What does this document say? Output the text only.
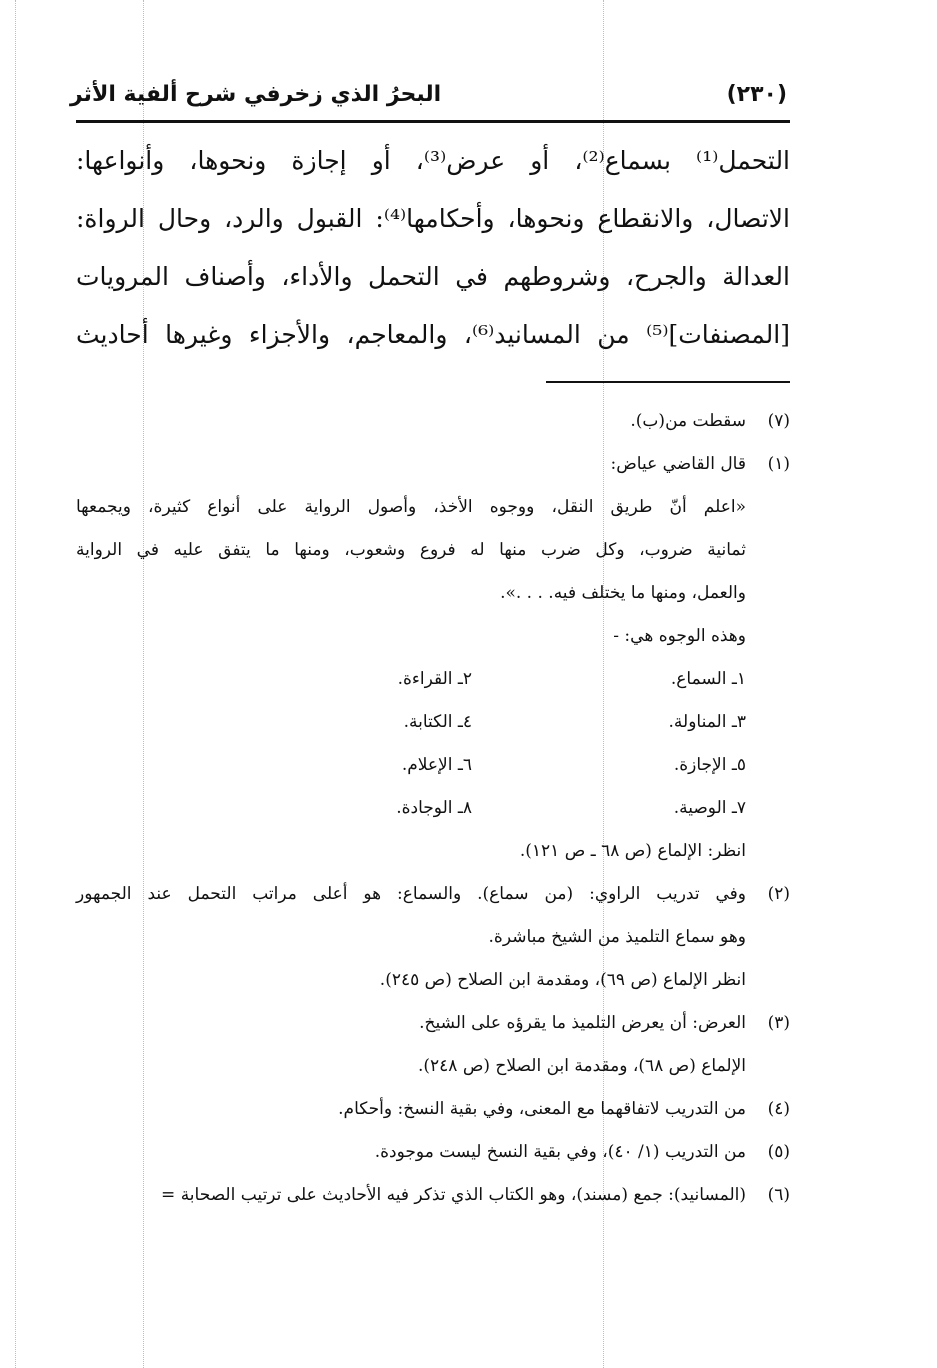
(٢٣٠)
البحرُ الذي زخرفي شرح ألفية الأثر

التحمل⁽¹⁾ بسماع⁽²⁾، أو عرض⁽³⁾، أو إجازة ونحوها، وأنواعها:

الاتصال، والانقطاع ونحوها، وأحكامها⁽⁴⁾: القبول والرد، وحال الرواة:

العدالة والجرح، وشروطهم في التحمل والأداء، وأصناف المرويات

[المصنفات]⁽⁵⁾ من المسانيد⁽⁶⁾، والمعاجم، والأجزاء وغيرها أحاديث

(٧)سقطت من(ب).
(١)قال القاضي عياض:
«اعلم أنّ طريق النقل، ووجوه الأخذ، وأصول الرواية على أنواع كثيرة، ويجمعها
ثمانية ضروب، وكل ضرب منها له فروع وشعوب، ومنها ما يتفق عليه في الرواية
والعمل، ومنها ما يختلف فيه. . . .».
وهذه الوجوه هي: -
١ـ السماع.
٢ـ القراءة.
٣ـ المناولة.
٤ـ الكتابة.
٥ـ الإجازة.
٦ـ الإعلام.
٧ـ الوصية.
٨ـ الوجادة.
انظر: الإلماع (ص ٦٨ ـ ص ١٢١).
(٢)وفي تدريب الراوي: (من سماع). والسماع: هو أعلى مراتب التحمل عند الجمهور
وهو سماع التلميذ من الشيخ مباشرة.
انظر الإلماع (ص ٦٩)، ومقدمة ابن الصلاح (ص ٢٤٥).
(٣)العرض: أن يعرض التلميذ ما يقرؤه على الشيخ.
الإلماع (ص ٦٨)، ومقدمة ابن الصلاح (ص ٢٤٨).
(٤)من التدريب لاتفاقهما مع المعنى، وفي بقية النسخ: وأحكام.
(٥)من التدريب (١/ ٤٠)، وفي بقية النسخ ليست موجودة.
(٦)(المسانيد): جمع (مسند)، وهو الكتاب الذي تذكر فيه الأحاديث على ترتيب الصحابة =
